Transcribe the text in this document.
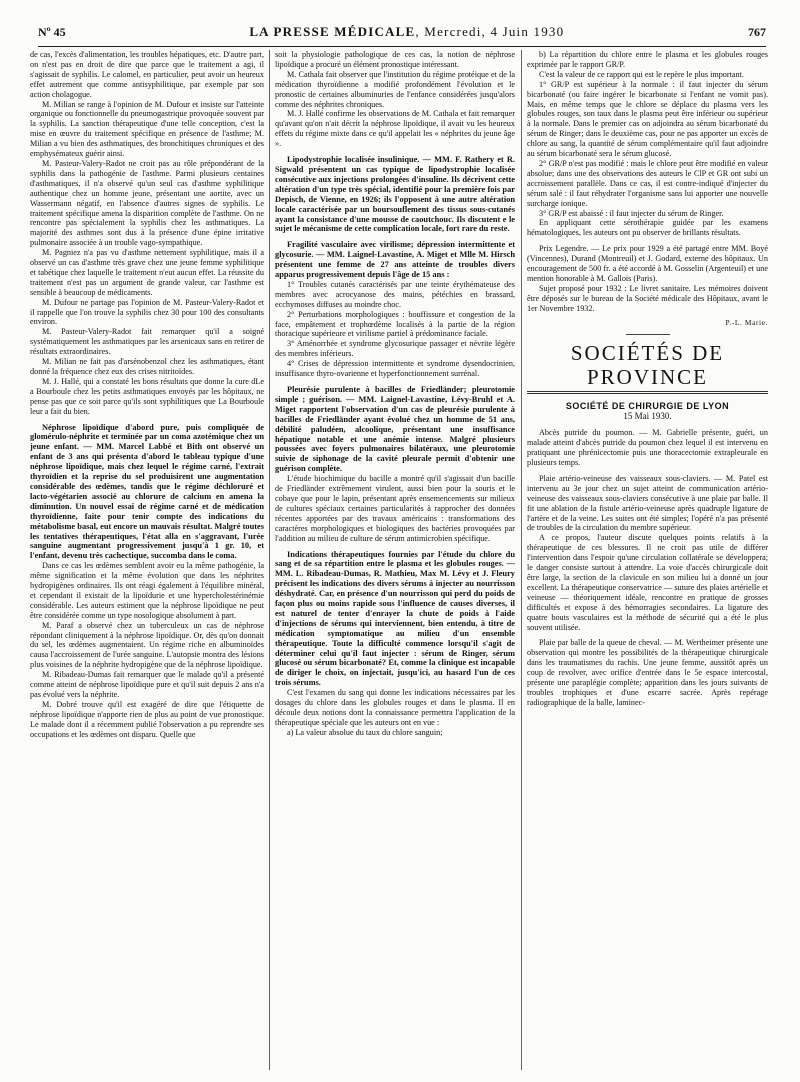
Nº 45	LA PRESSE MÉDICALE, Mercredi, 4 Juin 1930	767

de cas, l'excès d'alimentation, les troubles hépatiques, etc. D'autre part, on n'est pas en droit de dire que parce que le traitement a agi, il s'agissait de syphilis. Le calomel, en particulier, peut avoir un heureux effet autrement que comme antisyphilitique, par exemple par son action cholagogue.

M. Milian se range à l'opinion de M. Dufour et insiste sur l'atteinte organique ou fonctionnelle du pneumogastrique provoquée souvent par la syphilis. La sanction thérapeutique d'une telle conception, c'est la mise en œuvre du traitement spécifique en présence de l'asthme; M. Milian a vu bien des asthmatiques, des bronchitiques chroniques et des emphysémateux guérir ainsi.

M. Pasteur-Valery-Radot ne croit pas au rôle prépondérant de la syphilis dans la pathogénie de l'asthme. Parmi plusieurs centaines d'asthmatiques, il n'a observé qu'un seul cas d'asthme syphilitique authentique chez un homme jeune, présentant une aortite, avec un Wassermann négatif, en l'absence d'autres signes de syphilis. Le traitement spécifique amena la disparition complète de l'asthme. On ne rencontre pas spécialement la syphilis chez les asthmatiques. La majorité des asthmes sont dus à la présence d'une épine irritative pulmonaire associée à un trouble vago-sympathique.

M. Pagniez n'a pas vu d'asthme nettement syphilitique, mais il a observé un cas d'asthme très grave chez une jeune femme syphilitique et tabétique chez laquelle le traitement n'eut aucun effet. La réussite du traitement n'est pas un argument de grande valeur, car l'asthme est sensible à beaucoup de médicaments.

M. Dufour ne partage pas l'opinion de M. Pasteur-Valery-Radot et il rappelle que l'on trouve la syphilis chez 30 pour 100 des consultants environ.

M. Pasteur-Valery-Radot fait remarquer qu'il a soigné systématiquement les asthmatiques par les arsenicaux sans en retirer de résultats extraordinaires.

M. Milian ne fait pas d'arsénobenzol chez les asthmatiques, étant donné la fréquence chez eux des crises nitritoïdes.

M. J. Hallé, qui a constaté les bons résultats que donne la cure dLe a Bourboule chez les petits asthmatiques envoyés par les hôpitaux, ne pense pas que ce soit parce qu'ils sont syphilitiques que La Bourboule leur a fait du bien.

Néphrose lipoïdique d'abord pure, puis compliquée de glomérulo-néphrite et terminée par un coma azotémique chez un jeune enfant. — MM. Marcel Labbé et Bith ont observé un enfant de 3 ans qui présenta d'abord le tableau typique d'une néphrose lipoïdique, mais chez lequel le régime carné, l'extrait thyroïdien et la reprise du sel produisirent une augmentation considérable des œdèmes, tandis que le régime déchloruré et lacto-végétarien associé au chlorure de calcium en amena la diminution. Un nouvel essai de régime carné et de médication thyroïdienne, faite pour tenir compte des indications du métabolisme basal, eut encore un mauvais résultat. Malgré toutes les tentatives thérapeutiques, l'état alla en s'aggravant, l'urée sanguine augmentant progressivement jusqu'à 1 gr. 10, et l'enfant, devenu très cachectique, succomba dans le coma.

Dans ce cas les œdèmes semblent avoir eu la même pathogénie, la même signification et la même évolution que dans les néphrites hydropigènes ordinaires. Ils ont réagi également à l'équilibre minéral, et cependant il existait de la lipoïdurie et une hypercholestérinémie considérable. Les auteurs estiment que la néphrose lipoïdique ne peut être considérée comme un type nosologique absolument à part.

M. Paraf a observé chez un tuberculeux un cas de néphrose répondant cliniquement à la néphrose lipoïdique. Or, dès qu'on donnait du sel, les œdèmes augmentaient. Un régime riche en albuminoïdes causa l'accroissement de l'urée sanguine. L'autopsie montra des lésions plus voisines de la néphrite hydropigène que de la néphrose lipoïdique.

M. Ribadeau-Dumas fait remarquer que le malade qu'il a présenté comme atteint de néphrose lipoïdique pure et qu'il suit depuis 2 ans n'a pas évolué vers la néphrite.

M. Dobré trouve qu'il est exagéré de dire que l'étiquette de néphrose lipoïdique n'apporte rien de plus au point de vue pronostique. Le malade dont il a récemment publié l'observation a pu reprendre ses occupations et les œdèmes ont disparu. Quelle que

soit la physiologie pathologique de ces cas, la notion de néphrose lipoïdique a procuré un élément pronostique intéressant.

M. Cathala fait observer que l'institution du régime protéique et de la médication thyroïdienne a modifié profondément l'évolution et le pronostic de certaines albuminuries de l'enfance considérées jusqu'alors comme des néphrites chroniques.

M. J. Hallé confirme les observations de M. Cathala et fait remarquer qu'avant qu'on n'ait décrit la néphrose lipoïdique, il avait vu les heureux effets du régime mixte dans ce qu'il appelait les « néphrites du jeune âge ».

Lipodystrophie localisée insulinique. — MM. F. Rathery et R. Sigwald présentent un cas typique de lipodystrophie localisée consécutive aux injections prolongées d'insuline. Ils décrivent cette altération d'un type très spécial, identifié pour la première fois par Depisch, de Vienne, en 1926; ils l'opposent à une autre altération locale caractérisée par un boursouflement des tissus sous-cutanés ayant la consistance d'une mousse de caoutchouc. Ils discutent e le sujet le mécanisme de cette complication locale, fort rare du reste.
Fragilité vasculaire avec virilisme; dépression intermittente et glycosurie. — MM. Laignel-Lavastine, A. Miget et Mlle M. Hirsch présentent une femme de 27 ans atteinte de troubles divers apparus progressivement depuis l'âge de 15 ans :

1° Troubles cutanés caractérisés par une teinte érythémateuse des membres avec acrocyanose des mains, pétéchies en brassard, ecchymoses diffuses au moindre choc.

2° Perturbations morphologiques : bouffissure et congestion de la face, empâtement et trophœdème localisés à la partie de la région thoracique supérieure et virilisme partiel à prédominance faciale.

3° Aménorrhée et syndrome glycosurique passager et névrite légère des membres inférieurs.

4° Crises de dépression intermittente et syndrome dysendocrinien, insuffisance thyro-ovarienne et hyperfonctionnement surrénal.

Pleurésie purulente à bacilles de Friedländer; pleurotomie simple ; guérison. — MM. Laignel-Lavastine, Lévy-Bruhl et A. Miget rapportent l'observation d'un cas de pleurésie purulente à bacilles de Friedländer ayant évolué chez un homme de 51 ans, débilité paludéen, alcoolique, présentant une insuffisance hépatique notable et une anémie intense. Malgré plusieurs poussées avec foyers pulmonaires bilatéraux, une pleurotomie suivie de siphonage de la cavité pleurale permit d'obtenir une guérison complète.

L'étude biochimique du bacille a montré qu'il s'agissait d'un bacille de Friedländer extrêmement virulent, aussi bien pour la souris et le cobaye que pour le lapin, présentant après ensemencements sur milieux de cultures spéciaux certaines particularités à rapprocher des données récentes apportées par des travaux américains : transformations des caractères morphologiques et biologiques des bactéries provoquées par l'addition au milieu de culture de sérum antimicrobien spécifique.

Indications thérapeutiques fournies par l'étude du chlore du sang et de sa répartition entre le plasma et les globules rouges. — MM. L. Ribadeau-Dumas, R. Mathieu, Max M. Lévy et J. Fleury précisent les indications des divers sérums à injecter au nourrisson déshydraté. Car, en présence d'un nourrisson qui perd du poids de façon plus ou moins rapide sous l'influence de causes diverses, il est naturel de tenter d'enrayer la chute de poids à l'aide d'injections de sérums qui interviennent, bien entendu, à titre de médication symptomatique au milieu d'un ensemble thérapeutique. Toute la difficulté commence lorsqu'il s'agit de déterminer celui qu'il faut injecter : sérum de Ringer, sérum glucosé ou sérum bicarbonaté? Et, comme la clinique est incapable de diriger le choix, on injectait, jusqu'ici, au hasard l'un de ces trois sérums.

C'est l'examen du sang qui donne les indications nécessaires par les dosages du chlore dans les globules rouges et dans le plasma. Il en découle deux notions dont la connaissance permettra l'application de la thérapeutique spéciale que les auteurs ont en vue :

a) La valeur absolue du taux du chlore sanguin;

b) La répartition du chlore entre le plasma et les globules rouges exprimée par le rapport GR/P.

C'est la valeur de ce rapport qui est le repère le plus important.

1° GR/P est supérieur à la normale : il faut injecter du sérum bicarbonaté (ou faire ingérer le bicarbonate si l'enfant ne vomit pas). Mais, en même temps que le chlore se déplace du plasma vers les globules rouges, son taux dans le plasma peut être inférieur ou supérieur à la normale. Dans le premier cas on adjoindra au sérum bicarbonaté du sérum de Ringer; dans le deuxième cas, pour ne pas apporter un excès de chlore au sang, la quantité de sérum complémentaire qu'il faut adjoindre au sérum bicarbonaté sera le sérum glucosé.

2° GR/P n'est pas modifié : mais le chlore peut être modifié en valeur absolue; dans une des observations des auteurs le ClP et GR ont subi un accroissement parallèle. Dans ce cas, il est contre-indiqué d'injecter du sérum salé : il faut réhydrater l'organisme sans lui apporter une nouvelle surcharge ionique.

3° GR/P est abaissé : il faut injecter du sérum de Ringer.

En appliquant cette sérothérapie guidée par les examens hématologiques, les auteurs ont pu observer de brillants résultats.

Prix Legendre. — Le prix pour 1929 a été partagé entre MM. Boyé (Vincennes), Durand (Montreuil) et J. Godard, externe des hôpitaux. Un encouragement de 500 fr. a été accordé à M. Gosselin (Argenteuil) et une mention honorable à M. Gallois (Paris).

Sujet proposé pour 1932 : Le livret sanitaire. Les mémoires doivent être déposés sur le bureau de la Société médicale des Hôpitaux, avant le 1er Novembre 1932.

P.-L. Marie.
SOCIÉTÉS DE PROVINCE
SOCIÉTÉ DE CHIRURGIE DE LYON
15 Mai 1930.

Abcès putride du poumon. — M. Gabrielle présente, guéri, un malade atteint d'abcès putride du poumon chez lequel il est intervenu en pratiquant une phrénicectomie puis une thoracectomie extrapleurale en plusieurs temps.

Plaie artério-veineuse des vaisseaux sous-claviers. — M. Patel est intervenu au 3e jour chez un sujet atteint de communication artério-veineuse des vaisseaux sous-claviers consécutive à une plaie par balle. Il fit une ablation de la fistule artério-veineuse après quadruple ligature de l'artère et de la veine. Les suites ont été simples; l'opéré n'a pas présenté de troubles de la circulation du membre supérieur.

A ce propos, l'auteur discute quelques points relatifs à la thérapeutique de ces blessures. Il ne croit pas utile de différer l'intervention dans l'espoir qu'une circulation collatérale se développera; le danger consiste surtout à attendre. La voie d'accès chirurgicale doit être large, la section de la clavicule en son milieu lui a donné un jour excellent. La thérapeutique conservatrice — suture des plaies artérielle et veineuse — théoriquement idéale, rencontre en pratique de grosses difficultés et expose à des hémorragies secondaires. La ligature des quatre bouts vasculaires est la méthode de sécurité qui a été le plus souvent utilisée.

Plaie par balle de la queue de cheval. — M. Wertheimer présente une observation qui montre les possibilités de la thérapeutique chirurgicale dans les traumatismes du rachis. Une jeune femme, aussitôt après un coup de revolver, avec orifice d'entrée dans le 5e espace intercostal, présente une paraplégie complète; apparition dans les jours suivants de troubles trophiques et d'une escarre sacrée. Après repérage radiographique de la balle, laminec-
